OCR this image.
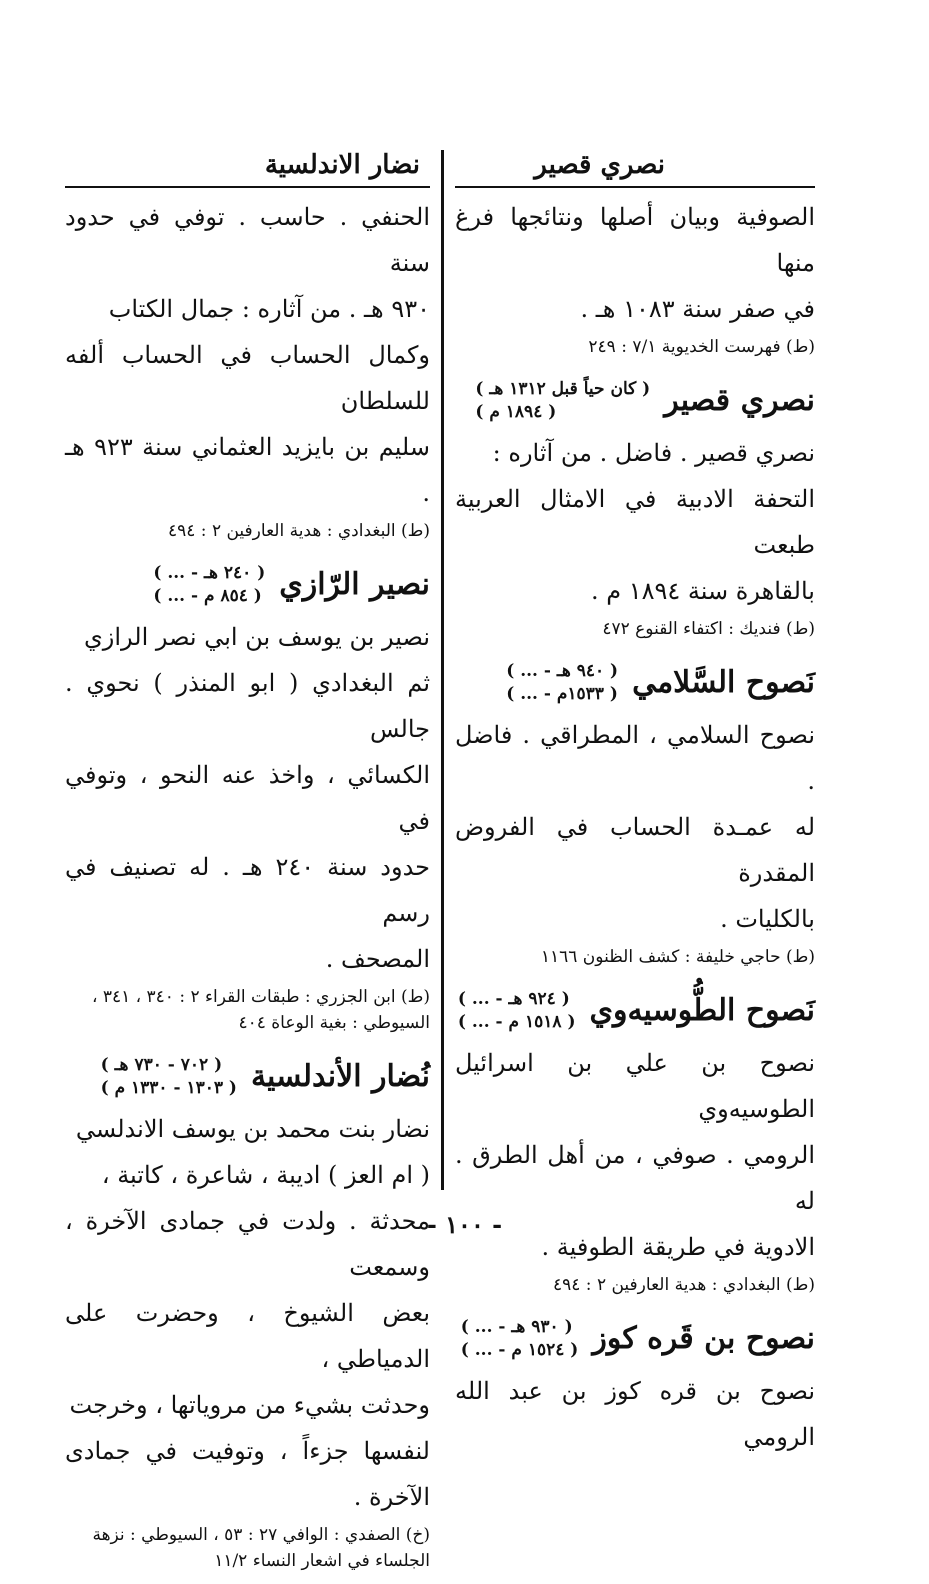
نصري قصير

الصوفية وبيان أصلها ونتائجها فرغ منها

في صفر سنة ١٠٨٣ هـ .

(ط) فهرست الخديوية ٧/١ : ٢٤٩
نصري قصير
( كان حياً قبل ١٣١٢ هـ )
( ١٨٩٤ م )

نصري قصير . فاضل . من آثاره :

التحفة الادبية في الامثال العربية طبعت

بالقاهرة سنة ١٨٩٤ م .

(ط) فنديك : اكتفاء القنوع ٤٧٢
نَصوح السَّلامي
( ... - ٩٤٠ هـ )
( ... - ١٥٣٣م )

نصوح السلامي ، المطراقي . فاضل .

له عمـدة الحساب في الفروض المقدرة

بالكليات .

(ط) حاجي خليفة : كشف الظنون ١١٦٦
نَصوح الطُّوسيه‌وي
( ... - ٩٢٤ هـ )
( ... - ١٥١٨ م )

نصوح بن علي بن اسرائيل الطوسيه‌وي

الرومي . صوفي ، من أهل الطرق . له

الادوية في طريقة الطوفية .

(ط) البغدادي : هدية العارفين ٢ : ٤٩٤
نصوح بن قَره كوز
( ... - ٩٣٠ هـ )
( ... - ١٥٢٤ م )

نصوح بن قره كوز بن عبد الله الرومي

نضار الاندلسية

الحنفي . حاسب . توفي في حدود سنة

٩٣٠ هـ . من آثاره : جمال الكتاب

وكمال الحساب في الحساب ألفه للسلطان

سليم بن بايزيد العثماني سنة ٩٢٣ هـ .

(ط) البغدادي : هدية العارفين ٢ : ٤٩٤
نصير الرّازي
( ... - ٢٤٠ هـ )
( ... - ٨٥٤ م )

نصير بن يوسف بن ابي نصر الرازي

ثم البغدادي ( ابو المنذر ) نحوي . جالس

الكسائي ، واخذ عنه النحو ، وتوفي في

حدود سنة ٢٤٠ هـ . له تصنيف في رسم

المصحف .

(ط) ابن الجزري : طبقات القراء ٢ : ٣٤٠ ، ٣٤١ ، السيوطي : بغية الوعاة ٤٠٤
نُضار الأندلسية
( ٧٠٢ - ٧٣٠ هـ )
( ١٣٠٣ - ١٣٣٠ م )

نضار بنت محمد بن يوسف الاندلسي

( ام العز ) اديبة ، شاعرة ، كاتبة ،

محدثة . ولدت في جمادى الآخرة ، وسمعت

بعض الشيوخ ، وحضرت على الدمياطي ،

وحدثت بشيء من مروياتها ، وخرجت

لنفسها جزءاً ، وتوفيت في جمادى الآخرة .

(خ) الصفدي : الوافي ٢٧ : ٥٣ ، السيوطي : نزهة الجلساء في اشعار النساء ١١/٢
- ١٠٠ -
